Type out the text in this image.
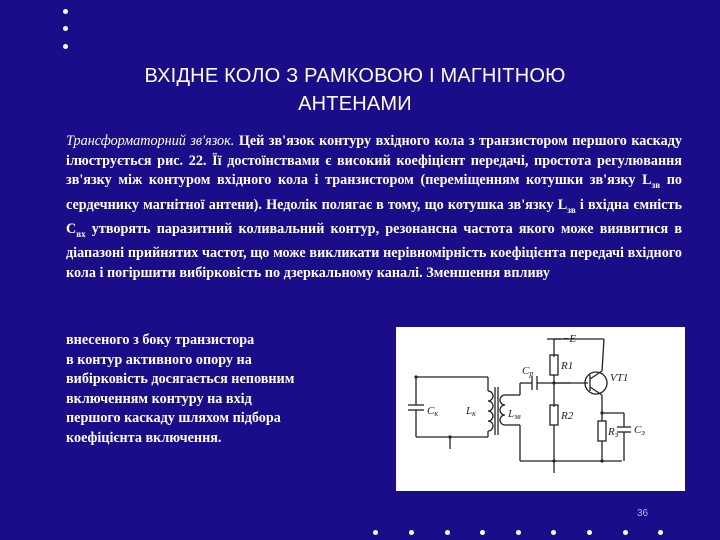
ВХІДНЕ КОЛО З РАМКОВОЮ І МАГНІТНОЮ
АНТЕНАМИ
Трансформаторний зв'язок. Цей зв'язок контуру вхідного кола з транзистором першого каскаду ілюструється рис. 22. Її достоїнствами є високий коефіцієнт передачі, простота регулювання зв'язку між контуром вхідного кола і транзистором (переміщенням котушки зв'язку $L_{зв}$ по сердечнику магнітної антени). Недолік полягає в тому, що котушка зв'язку $L_{зв}$ і вхідна ємність $C_{вх}$ утворять паразитний коливальний контур, резонансна частота якого може виявитися в діапазоні прийнятих частот, що може викликати нерівномірність коефіцієнта передачі вхідного кола і погіршити вибірковість по дзеркальному каналі. Зменшення впливу
внесеного з боку транзистора
в контур активного опору на
вибірковість досягається неповним
включенням контуру на вхід
першого каскаду шляхом підбора
коефіцієнта включення.
Cк	Lк	Lзв
Cр
R1
R2
Rэ Cэ
VT1
−E
36
